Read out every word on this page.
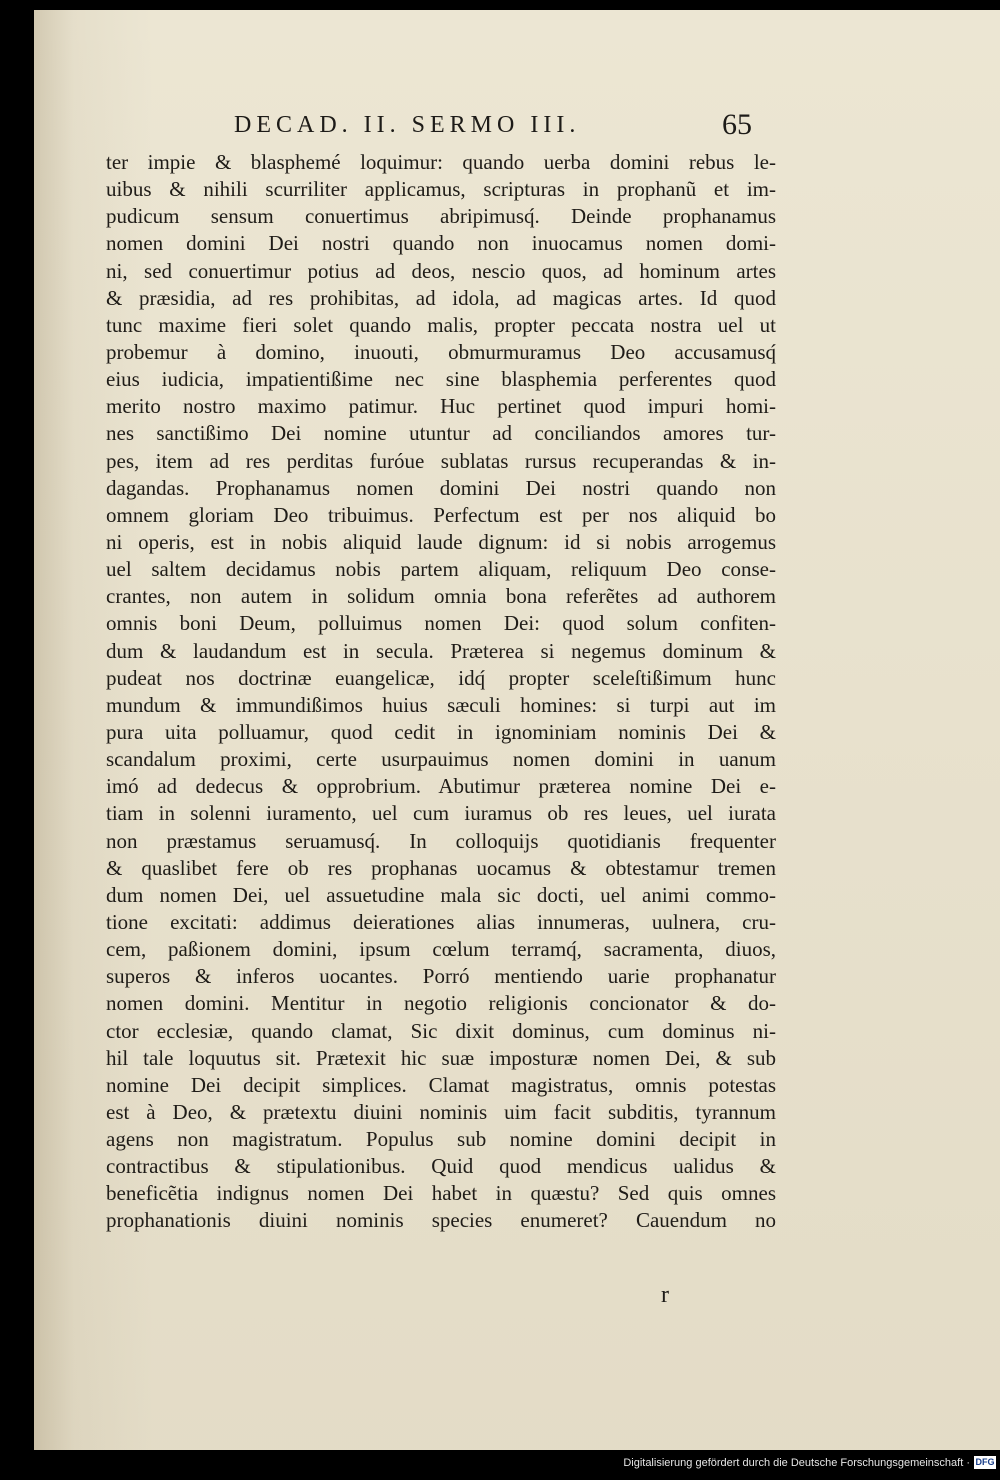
DECAD. II. SERMO III.	65
ter impie & blasphemé loquimur: quando uerba domini rebus le-
uibus & nihili scurriliter applicamus, scripturas in prophanũ et im-
pudicum sensum conuertimus abripimusq́. Deinde prophanamus
nomen domini Dei nostri quando non inuocamus nomen domi-
ni, sed conuertimur potius ad deos, nescio quos, ad hominum artes
& præsidia, ad res prohibitas, ad idola, ad magicas artes. Id quod
tunc maxime fieri solet quando malis, propter peccata nostra uel ut
probemur à domino, inuouti, obmurmuramus Deo accusamusq́
eius iudicia, impatientißime nec sine blasphemia perferentes quod
merito nostro maximo patimur. Huc pertinet quod impuri homi-
nes sanctißimo Dei nomine utuntur ad conciliandos amores tur-
pes, item ad res perditas furóue sublatas rursus recuperandas & in-
dagandas. Prophanamus nomen domini Dei nostri quando non
omnem gloriam Deo tribuimus. Perfectum est per nos aliquid bo
ni operis, est in nobis aliquid laude dignum: id si nobis arrogemus
uel saltem decidamus nobis partem aliquam, reliquum Deo conse-
crantes, non autem in solidum omnia bona referẽtes ad authorem
omnis boni Deum, polluimus nomen Dei: quod solum confiten-
dum & laudandum est in secula. Præterea si negemus dominum &
pudeat nos doctrinæ euangelicæ, idq́ propter sceleſtißimum hunc
mundum & immundißimos huius sæculi homines: si turpi aut im
pura uita polluamur, quod cedit in ignominiam nominis Dei &
scandalum proximi, certe usurpauimus nomen domini in uanum
imó ad dedecus & opprobrium. Abutimur præterea nomine Dei e-
tiam in solenni iuramento, uel cum iuramus ob res leues, uel iurata
non præstamus seruamusq́. In colloquijs quotidianis frequenter
& quaslibet fere ob res prophanas uocamus & obtestamur tremen
dum nomen Dei, uel assuetudine mala sic docti, uel animi commo-
tione excitati: addimus deierationes alias innumeras, uulnera, cru-
cem, paßionem domini, ipsum cœlum terramq́, sacramenta, diuos,
superos & inferos uocantes. Porró mentiendo uarie prophanatur
nomen domini. Mentitur in negotio religionis concionator & do-
ctor ecclesiæ, quando clamat, Sic dixit dominus, cum dominus ni-
hil tale loquutus sit. Prætexit hic suæ imposturæ nomen Dei, & sub
nomine Dei decipit simplices. Clamat magistratus, omnis potestas
est à Deo, & prætextu diuini nominis uim facit subditis, tyrannum
agens non magistratum. Populus sub nomine domini decipit in
contractibus & stipulationibus. Quid quod mendicus ualidus &
beneficẽtia indignus nomen Dei habet in quæstu? Sed quis omnes
prophanationis diuini nominis species enumeret? Cauendum no
r
Digitalisierung gefördert durch die Deutsche Forschungsgemeinschaft · DFG
